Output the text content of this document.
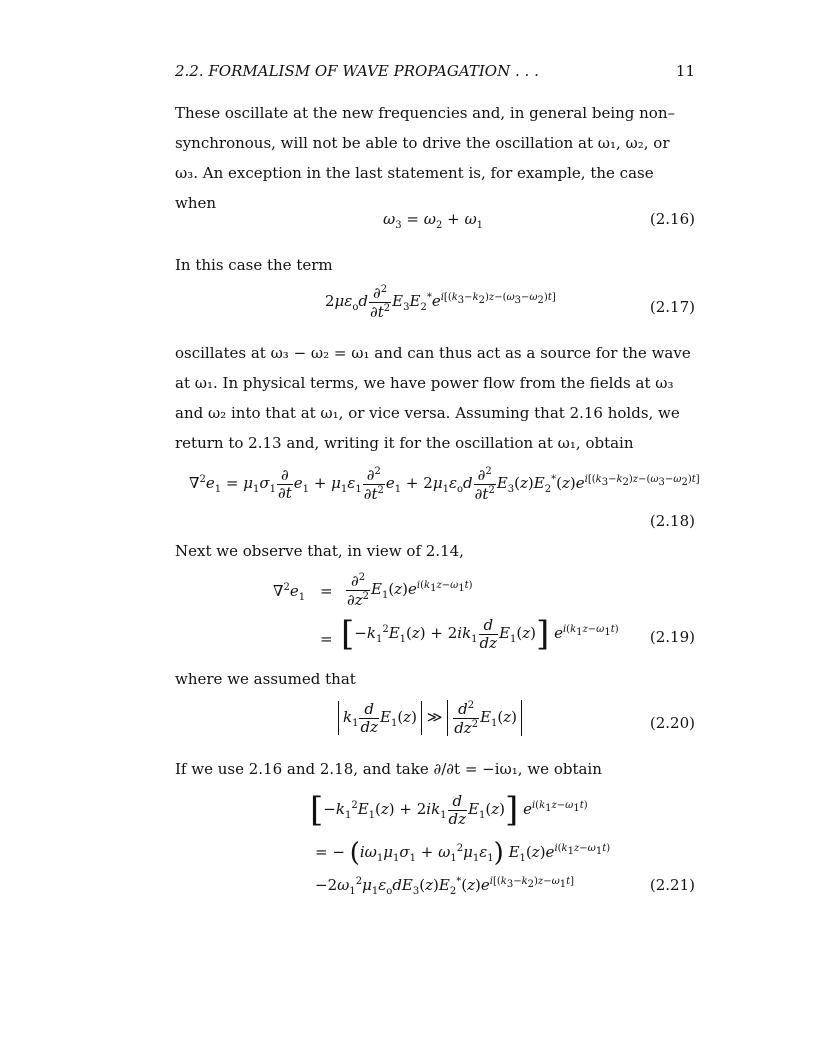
2.2. FORMALISM OF WAVE PROPAGATION . . .	11

These oscillate at the new frequencies and, in general being non–synchronous, will not be able to drive the oscillation at ω₁, ω₂, or ω₃. An exception in the last statement is, for example, the case when

$\omega_3 = \omega_2 + \omega_1$	(2.16)

In this case the term

$2\mu\varepsilon_od \frac{\partial^2}{\partial t^2} E_3E_2^*e^{i[(k_3-k_2)z-(\omega_3-\omega_2)t]}$
(2.17)

oscillates at ω₃ − ω₂ = ω₁ and can thus act as a source for the wave at ω₁. In physical terms, we have power flow from the fields at ω₃ and ω₂ into that at ω₁, or vice versa. Assuming that 2.16 holds, we return to 2.13 and, writing it for the oscillation at ω₁, obtain

$\nabla^2e_1 = \mu_1\sigma_1 \frac{\partial}{\partial t} e_1 + \mu_1\varepsilon_1 \frac{\partial^2}{\partial t^2} e_1 + 2\mu_1\varepsilon_od \frac{\partial^2}{\partial t^2} E_3(z)E_2^*(z)e^{i[(k_3-k_2)z-(\omega_3-\omega_2)t]}$
(2.18)

Next we observe that, in view of 2.14,

$\nabla^2e_1 = \frac{\partial^2}{\partial z^2} E_1(z)e^{i(k_1z-\omega_1t)}$
= $[-k_1^2E_1(z) + 2ik_1 \frac{d}{dz} E_1(z)]$ $e^{i(k_1z-\omega_1t)}$ (2.19)

where we assumed that

$k_1 \frac{d}{dz} E_1(z)$ ≫ $\frac{d^2}{dz^2} E_1(z)$	(2.20)

If we use 2.16 and 2.18, and take ∂/∂t = −iω₁, we obtain

$[-k_1^2E_1(z) + 2ik_1 \frac{d}{dz} E_1(z)]$ $e^{i(k_1z-\omega_1t)}$
= − $(i\omega_1\mu_1\sigma_1 + \omega_1^2\mu_1\varepsilon_1)$ $E_1(z)e^{i(k_1z-\omega_1t)}$
$-2\omega_1^2\mu_1\varepsilon_odE_3(z)E_2^*(z)e^{i[(k_3-k_2)z-\omega_1t]}$	(2.21)
